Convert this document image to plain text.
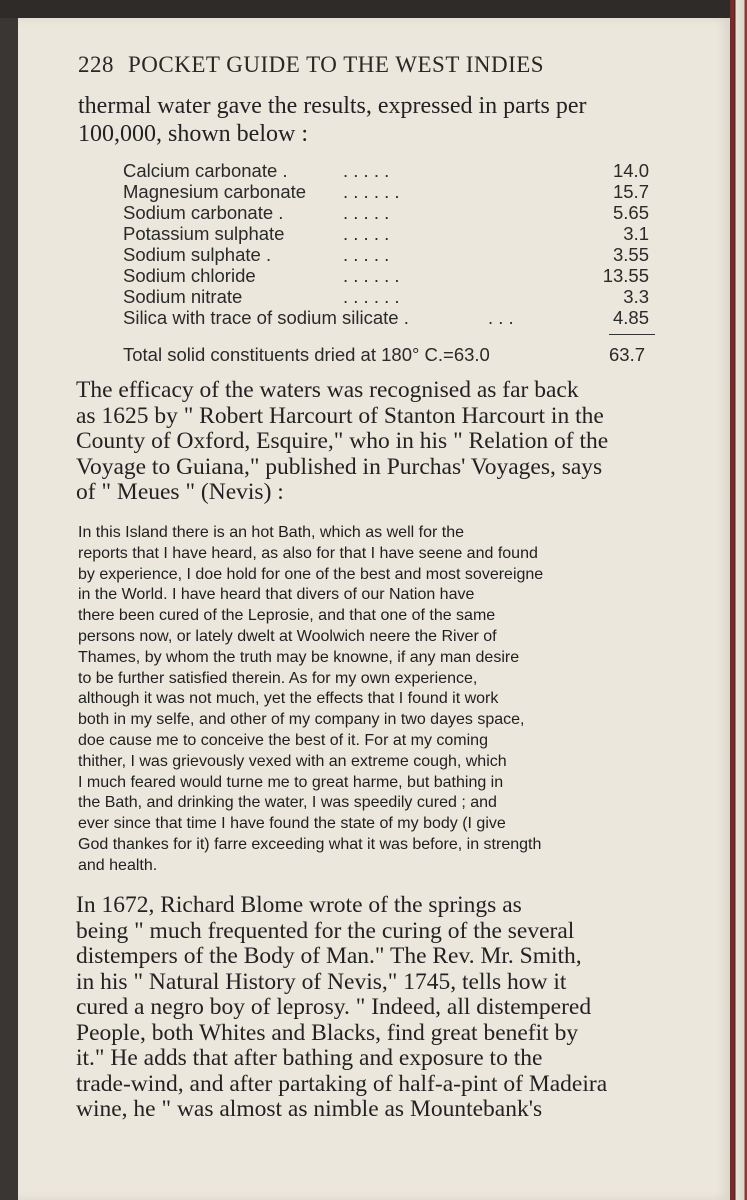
228 POCKET GUIDE TO THE WEST INDIES
thermal water gave the results, expressed in parts per
100,000, shown below :
Calcium carbonate .	. . . . .	14.0
Magnesium carbonate . . . . . .	15.7
Sodium carbonate .	. . . . .	5.65
Potassium sulphate	. . . . .	3.1
Sodium sulphate .	. . . . .	3.55
Sodium chloride	. . . . . .	13.55
Sodium nitrate	. . . . . .	3.3
Silica with trace of sodium silicate .	. . .	4.85
Total solid constituents dried at 180° C.=63.0	63.7
The efficacy of the waters was recognised as far back
as 1625 by " Robert Harcourt of Stanton Harcourt in the
County of Oxford, Esquire," who in his " Relation of the
Voyage to Guiana," published in Purchas' Voyages, says
of " Meues " (Nevis) :
In this Island there is an hot Bath, which as well for the
reports that I have heard, as also for that I have seene and found
by experience, I doe hold for one of the best and most sovereigne
in the World. I have heard that divers of our Nation have
there been cured of the Leprosie, and that one of the same
persons now, or lately dwelt at Woolwich neere the River of
Thames, by whom the truth may be knowne, if any man desire
to be further satisfied therein. As for my own experience,
although it was not much, yet the effects that I found it work
both in my selfe, and other of my company in two dayes space,
doe cause me to conceive the best of it. For at my coming
thither, I was grievously vexed with an extreme cough, which
I much feared would turne me to great harme, but bathing in
the Bath, and drinking the water, I was speedily cured ; and
ever since that time I have found the state of my body (I give
God thankes for it) farre exceeding what it was before, in strength
and health.
In 1672, Richard Blome wrote of the springs as
being " much frequented for the curing of the several
distempers of the Body of Man." The Rev. Mr. Smith,
in his " Natural History of Nevis," 1745, tells how it
cured a negro boy of leprosy. " Indeed, all distempered
People, both Whites and Blacks, find great benefit by
it." He adds that after bathing and exposure to the
trade-wind, and after partaking of half-a-pint of Madeira
wine, he " was almost as nimble as Mountebank's
